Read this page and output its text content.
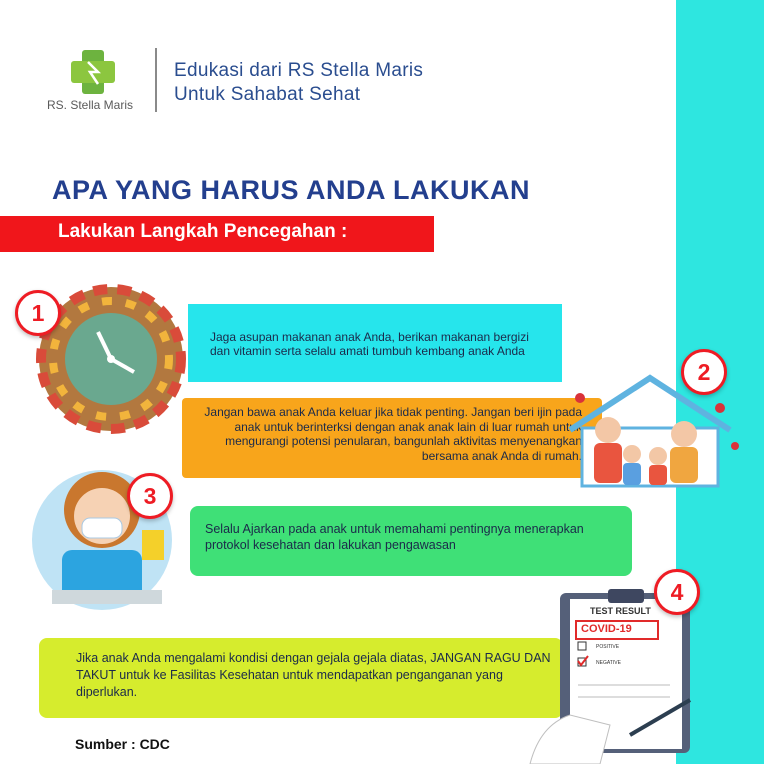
RS. Stella Maris
Edukasi dari RS Stella Maris
Untuk Sahabat Sehat
APA YANG HARUS ANDA LAKUKAN
Lakukan Langkah Pencegahan :
Jaga asupan makanan anak Anda, berikan makanan bergizi dan vitamin serta selalu amati tumbuh kembang anak Anda
1
Jangan bawa anak Anda keluar jika tidak penting. Jangan beri ijin pada anak untuk berinterksi dengan anak anak lain di luar rumah untuk mengurangi potensi penularan, bangunlah aktivitas menyenangkan bersama anak Anda di rumah.
2
Selalu Ajarkan pada anak untuk memahami pentingnya menerapkan protokol kesehatan dan lakukan pengawasan
3
Jika anak Anda mengalami kondisi dengan gejala gejala diatas, JANGAN RAGU DAN TAKUT untuk ke Fasilitas Kesehatan untuk mendapatkan penganganan yang diperlukan.
TEST RESULT
COVID-19
POSITIVE
NEGATIVE
4
Sumber : CDC
